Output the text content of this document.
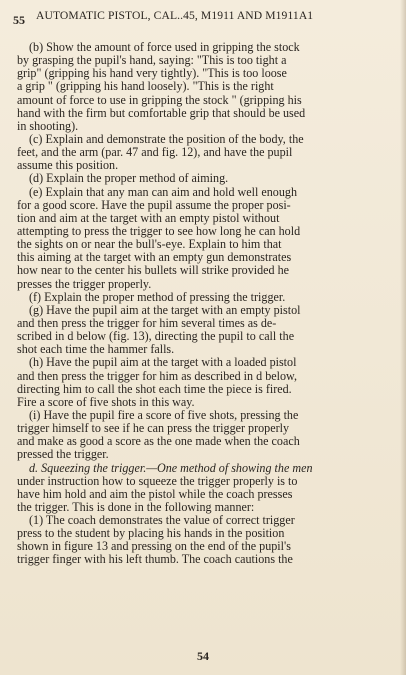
55 AUTOMATIC PISTOL, CAL..45, M1911 AND M1911A1
(b) Show the amount of force used in gripping the stock
by grasping the pupil's hand, saying: "This is too tight a
grip" (gripping his hand very tightly). "This is too loose
a grip " (gripping his hand loosely). "This is the right
amount of force to use in gripping the stock " (gripping his
hand with the firm but comfortable grip that should be used
in shooting).
(c) Explain and demonstrate the position of the body, the
feet, and the arm (par. 47 and fig. 12), and have the pupil
assume this position.
(d) Explain the proper method of aiming.
(e) Explain that any man can aim and hold well enough
for a good score. Have the pupil assume the proper posi-
tion and aim at the target with an empty pistol without
attempting to press the trigger to see how long he can hold
the sights on or near the bull's-eye. Explain to him that
this aiming at the target with an empty gun demonstrates
how near to the center his bullets will strike provided he
presses the trigger properly.
(f) Explain the proper method of pressing the trigger.
(g) Have the pupil aim at the target with an empty pistol
and then press the trigger for him several times as de-
scribed in d below (fig. 13), directing the pupil to call the
shot each time the hammer falls.
(h) Have the pupil aim at the target with a loaded pistol
and then press the trigger for him as described in d below,
directing him to call the shot each time the piece is fired.
Fire a score of five shots in this way.
(i) Have the pupil fire a score of five shots, pressing the
trigger himself to see if he can press the trigger properly
and make as good a score as the one made when the coach
pressed the trigger.
d. Squeezing the trigger.—One method of showing the men
under instruction how to squeeze the trigger properly is to
have him hold and aim the pistol while the coach presses
the trigger. This is done in the following manner:
(1) The coach demonstrates the value of correct trigger
press to the student by placing his hands in the position
shown in figure 13 and pressing on the end of the pupil's
trigger finger with his left thumb. The coach cautions the
54
